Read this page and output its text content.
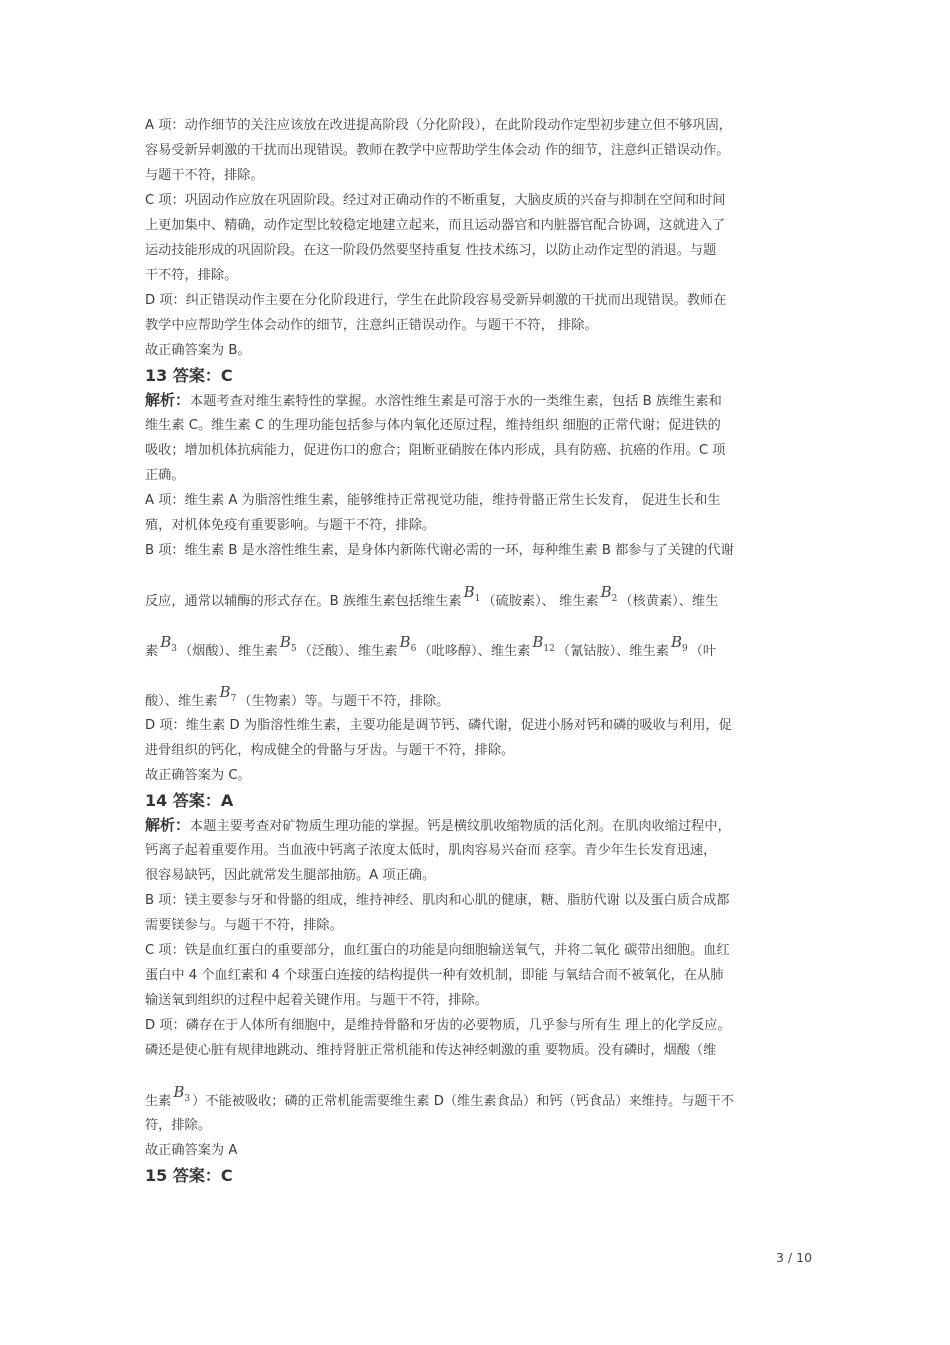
A 项：动作细节的关注应该放在改进提高阶段（分化阶段），在此阶段动作定型初步建立但不够巩固，
容易受新异刺激的干扰而出现错误。教师在教学中应帮助学生体会动 作的细节，注意纠正错误动作。
与题干不符，排除。
C 项：巩固动作应放在巩固阶段。经过对正确动作的不断重复，大脑皮质的兴奋与抑制在空间和时间
上更加集中、精确，动作定型比较稳定地建立起来，而且运动器官和内脏器官配合协调，这就进入了
运动技能形成的巩固阶段。在这一阶段仍然要坚持重复 性技术练习，以防止动作定型的消退。与题
干不符，排除。
D 项：纠正错误动作主要在分化阶段进行，学生在此阶段容易受新异刺激的干扰而出现错误。教师在
教学中应帮助学生体会动作的细节，注意纠正错误动作。与题干不符， 排除。
故正确答案为 B。
13 答案：C
解析：本题考查对维生素特性的掌握。水溶性维生素是可溶于水的一类维生素，包括 B 族维生素和
维生素 C。维生素 C 的生理功能包括参与体内氧化还原过程，维持组织 细胞的正常代谢；促进铁的
吸收；增加机体抗病能力，促进伤口的愈合；阻断亚硝胺在体内形成，具有防癌、抗癌的作用。C 项
正确。
A 项：维生素 A 为脂溶性维生素，能够维持正常视觉功能，维持骨骼正常生长发育， 促进生长和生
殖，对机体免疫有重要影响。与题干不符，排除。
B 项：维生素 B 是水溶性维生素，是身体内新陈代谢必需的一环，每种维生素 B 都参与了关键的代谢
反应，通常以辅酶的形式存在。B 族维生素包括维生素$B_1$ （硫胺素）、 维生素$B_2$ （核黄素）、维生
素$B_3$ （烟酸）、维生素$B_5$ （泛酸）、维生素$B_6$ （吡哆醇）、维生素$B_{12}$ （氰钴胺）、维生素$B_9$ （叶
酸）、维生素$B_7$ （生物素）等。与题干不符，排除。
D 项：维生素 D 为脂溶性维生素，主要功能是调节钙、磷代谢，促进小肠对钙和磷的吸收与利用，促
进骨组织的钙化，构成健全的骨骼与牙齿。与题干不符，排除。
故正确答案为 C。
14 答案：A
解析：本题主要考查对矿物质生理功能的掌握。钙是横纹肌收缩物质的活化剂。在肌肉收缩过程中，
钙离子起着重要作用。当血液中钙离子浓度太低时，肌肉容易兴奋而 痉挛。青少年生长发育迅速，
很容易缺钙，因此就常发生腿部抽筋。A 项正确。
B 项：镁主要参与牙和骨骼的组成，维持神经、肌肉和心肌的健康，糖、脂肪代谢 以及蛋白质合成都
需要镁参与。与题干不符，排除。
C 项：铁是血红蛋白的重要部分，血红蛋白的功能是向细胞输送氧气，并将二氧化 碳带出细胞。血红
蛋白中 4 个血红素和 4 个球蛋白连接的结构提供一种有效机制，即能 与氧结合而不被氧化，在从肺
输送氧到组织的过程中起着关键作用。与题干不符，排除。
D 项：磷存在于人体所有细胞中，是维持骨骼和牙齿的必要物质，几乎参与所有生 理上的化学反应。
磷还是使心脏有规律地跳动、维持肾脏正常机能和传达神经刺激的重 要物质。没有磷时，烟酸（维
生素$B_3$ ）不能被吸收；磷的正常机能需要维生素 D（维生素食品）和钙（钙食品）来维持。与题干不
符，排除。
故正确答案为 A
15 答案：C
3 / 10
